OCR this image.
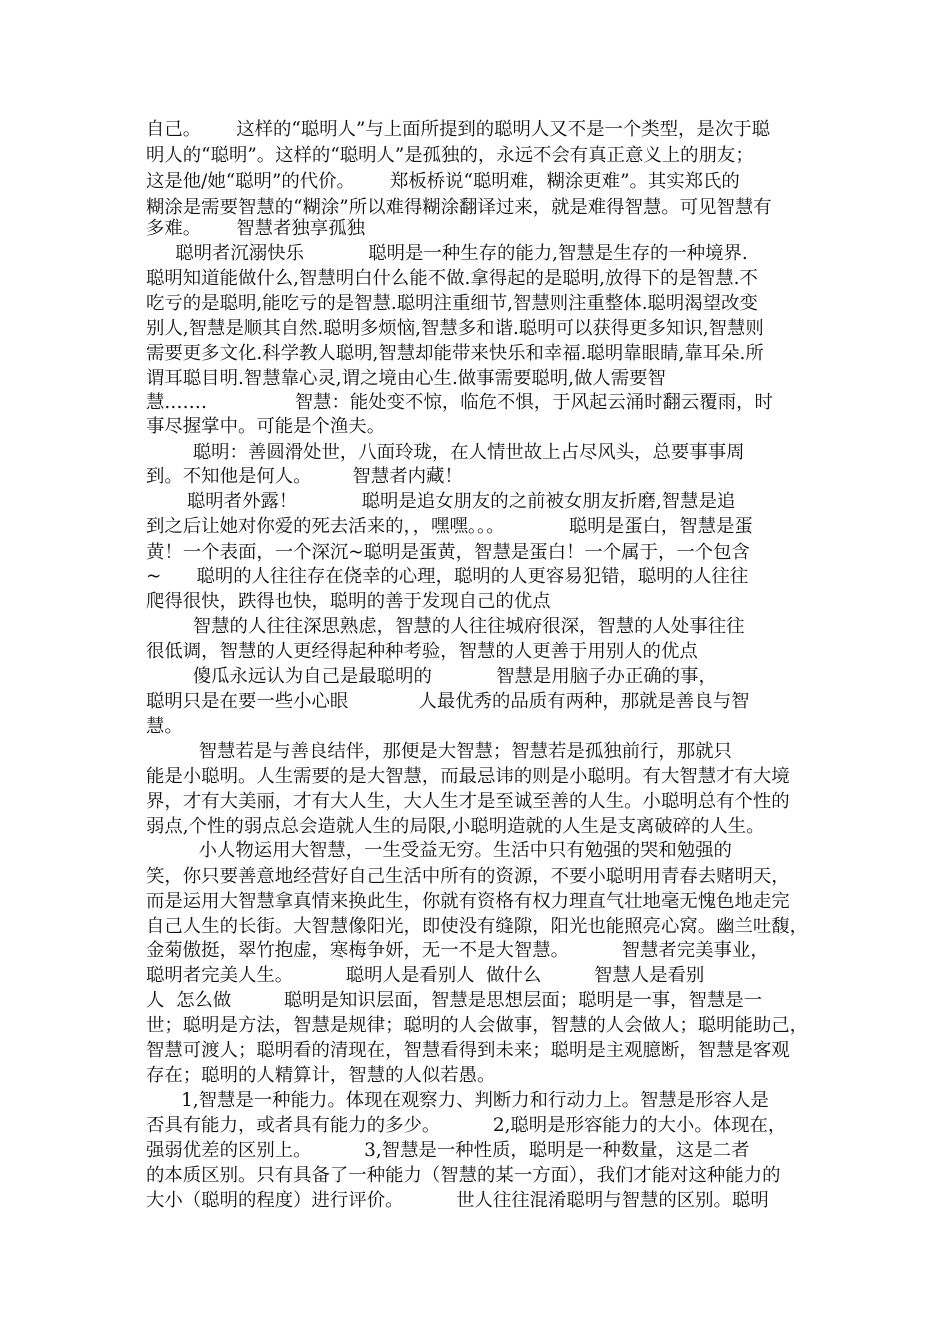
自己。      这样的“聪明人”与上面所提到的聪明人又不是一个类型，是次于聪
明人的“聪明”。这样的“聪明人”是孤独的，永远不会有真正意义上的朋友；
这是他/她“聪明”的代价。      郑板桥说“聪明难，糊涂更难”。其实郑氏的
糊涂是需要智慧的“糊涂”所以难得糊涂翻译过来，就是难得智慧。可见智慧有
多难。      智慧者独享孤独
聪明者沉溺快乐           聪明是一种生存的能力,智慧是生存的一种境界.
聪明知道能做什么,智慧明白什么能不做.拿得起的是聪明,放得下的是智慧.不
吃亏的是聪明,能吃亏的是智慧.聪明注重细节,智慧则注重整体.聪明渴望改变
别人,智慧是顺其自然.聪明多烦恼,智慧多和谐.聪明可以获得更多知识,智慧则
需要更多文化.科学教人聪明,智慧却能带来快乐和幸福.聪明靠眼睛,靠耳朵.所
谓耳聪目明.智慧靠心灵,谓之境由心生.做事需要聪明,做人需要智
慧.……               智慧：能处变不惊，临危不惧，于风起云涌时翻云覆雨，时
事尽握掌中。可能是个渔夫。
聪明：善圆滑处世，八面玲珑，在人情世故上占尽风头，总要事事周
到。不知他是何人。       智慧者内藏！
聪明者外露！           聪明是追女朋友的之前被女朋友折磨,智慧是追
到之后让她对你爱的死去活来的，，嘿嘿。。。           聪明是蛋白，智慧是蛋
黄！一个表面，一个深沉~聪明是蛋黄，智慧是蛋白！一个属于，一个包含
~      聪明的人往往存在侥幸的心理，聪明的人更容易犯错，聪明的人往往
爬得很快，跌得也快，聪明的善于发现自己的优点
智慧的人往往深思熟虑，智慧的人往往城府很深，智慧的人处事往往
很低调，智慧的人更经得起种种考验，智慧的人更善于用别人的优点
傻瓜永远认为自己是最聪明的           智慧是用脑子办正确的事，
聪明只是在要一些小心眼            人最优秀的品质有两种，那就是善良与智
慧。
智慧若是与善良结伴，那便是大智慧；智慧若是孤独前行，那就只
能是小聪明。人生需要的是大智慧，而最忌讳的则是小聪明。有大智慧才有大境
界，才有大美丽，才有大人生，大人生才是至诚至善的人生。小聪明总有个性的
弱点,个性的弱点总会造就人生的局限,小聪明造就的人生是支离破碎的人生。
小人物运用大智慧，一生受益无穷。生活中只有勉强的哭和勉强的
笑，你只要善意地经营好自己生活中所有的资源，不要小聪明用青春去赌明天，
而是运用大智慧拿真情来换此生，你就有资格有权力理直气壮地毫无愧色地走完
自己人生的长街。大智慧像阳光，即使没有缝隙，阳光也能照亮心窝。幽兰吐馥，
金菊傲挺，翠竹抱虚，寒梅争妍，无一不是大智慧。         智慧者完美事业，
聪明者完美人生。         聪明人是看别人  做什么         智慧人是看别
人  怎么做         聪明是知识层面，智慧是思想层面；聪明是一事，智慧是一
世；聪明是方法，智慧是规律；聪明的人会做事，智慧的人会做人；聪明能助己，
智慧可渡人；聪明看的清现在，智慧看得到未来；聪明是主观臆断，智慧是客观
存在；聪明的人精算计，智慧的人似若愚。
1,智慧是一种能力。体现在观察力、判断力和行动力上。智慧是形容人是
否具有能力，或者具有能力的多少。         2,聪明是形容能力的大小。体现在，
强弱优差的区别上。         3,智慧是一种性质，聪明是一种数量，这是二者
的本质区别。只有具备了一种能力（智慧的某一方面），我们才能对这种能力的
大小（聪明的程度）进行评价。         世人往往混淆聪明与智慧的区别。聪明
